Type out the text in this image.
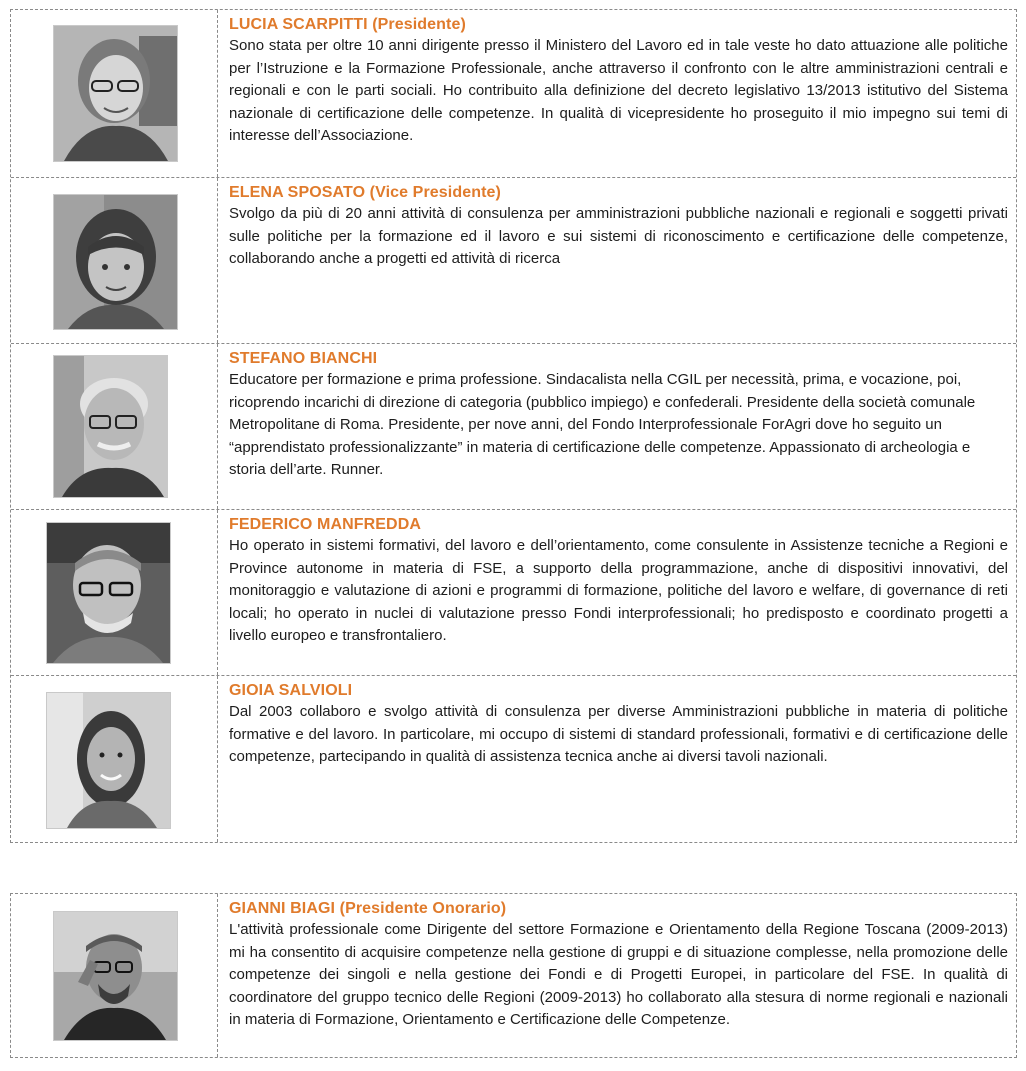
LUCIA SCARPITTI (Presidente)

Sono stata per oltre 10 anni dirigente presso il Ministero del Lavoro ed in tale veste ho dato attuazione alle politiche per l’Istruzione e la Formazione Professionale, anche attraverso il confronto con le altre amministrazioni centrali e regionali e con le parti sociali. Ho contribuito alla definizione del decreto legislativo 13/2013 istitutivo del Sistema nazionale di certificazione delle competenze. In qualità di vicepresidente ho proseguito il mio impegno sui temi di interesse dell’Associazione.

ELENA SPOSATO (Vice Presidente)

Svolgo da più di 20 anni attività di consulenza per amministrazioni pubbliche nazionali e regionali e soggetti privati sulle politiche per la formazione ed il lavoro e sui sistemi di riconoscimento e certificazione delle competenze, collaborando anche a progetti ed attività di ricerca

STEFANO BIANCHI

Educatore per formazione e prima professione. Sindacalista nella CGIL per necessità, prima, e vocazione, poi, ricoprendo incarichi di direzione di categoria (pubblico impiego) e confederali. Presidente della società comunale Metropolitane di Roma. Presidente, per nove anni, del Fondo Interprofessionale ForAgri dove ho seguito un “apprendistato professionalizzante” in materia di certificazione delle competenze. Appassionato di archeologia e storia dell’arte. Runner.

FEDERICO MANFREDDA

Ho operato in sistemi formativi, del lavoro e dell’orientamento, come consulente in Assistenze tecniche a Regioni e Province autonome in materia di FSE, a supporto della programmazione, anche di dispositivi innovativi, del monitoraggio e valutazione di azioni e programmi di formazione, politiche del lavoro e welfare, di governance di reti locali; ho operato in nuclei di valutazione presso Fondi interprofessionali; ho predisposto e coordinato progetti a livello europeo e transfrontaliero.

GIOIA SALVIOLI

Dal 2003 collaboro e svolgo attività di consulenza per diverse Amministrazioni pubbliche in materia di politiche formative e del lavoro. In particolare, mi occupo di sistemi di standard professionali, formativi e di certificazione delle competenze, partecipando in qualità di assistenza tecnica anche ai diversi tavoli nazionali.

GIANNI BIAGI (Presidente Onorario)

L'attività professionale come Dirigente del settore Formazione e Orientamento della Regione Toscana (2009-2013) mi ha consentito di acquisire competenze nella gestione di gruppi e di situazione complesse, nella promozione delle competenze dei singoli e nella gestione dei Fondi e di Progetti Europei, in particolare del FSE. In qualità di coordinatore del gruppo tecnico delle Regioni (2009-2013) ho collaborato alla stesura di norme regionali e nazionali in materia di Formazione, Orientamento e Certificazione delle Competenze.
